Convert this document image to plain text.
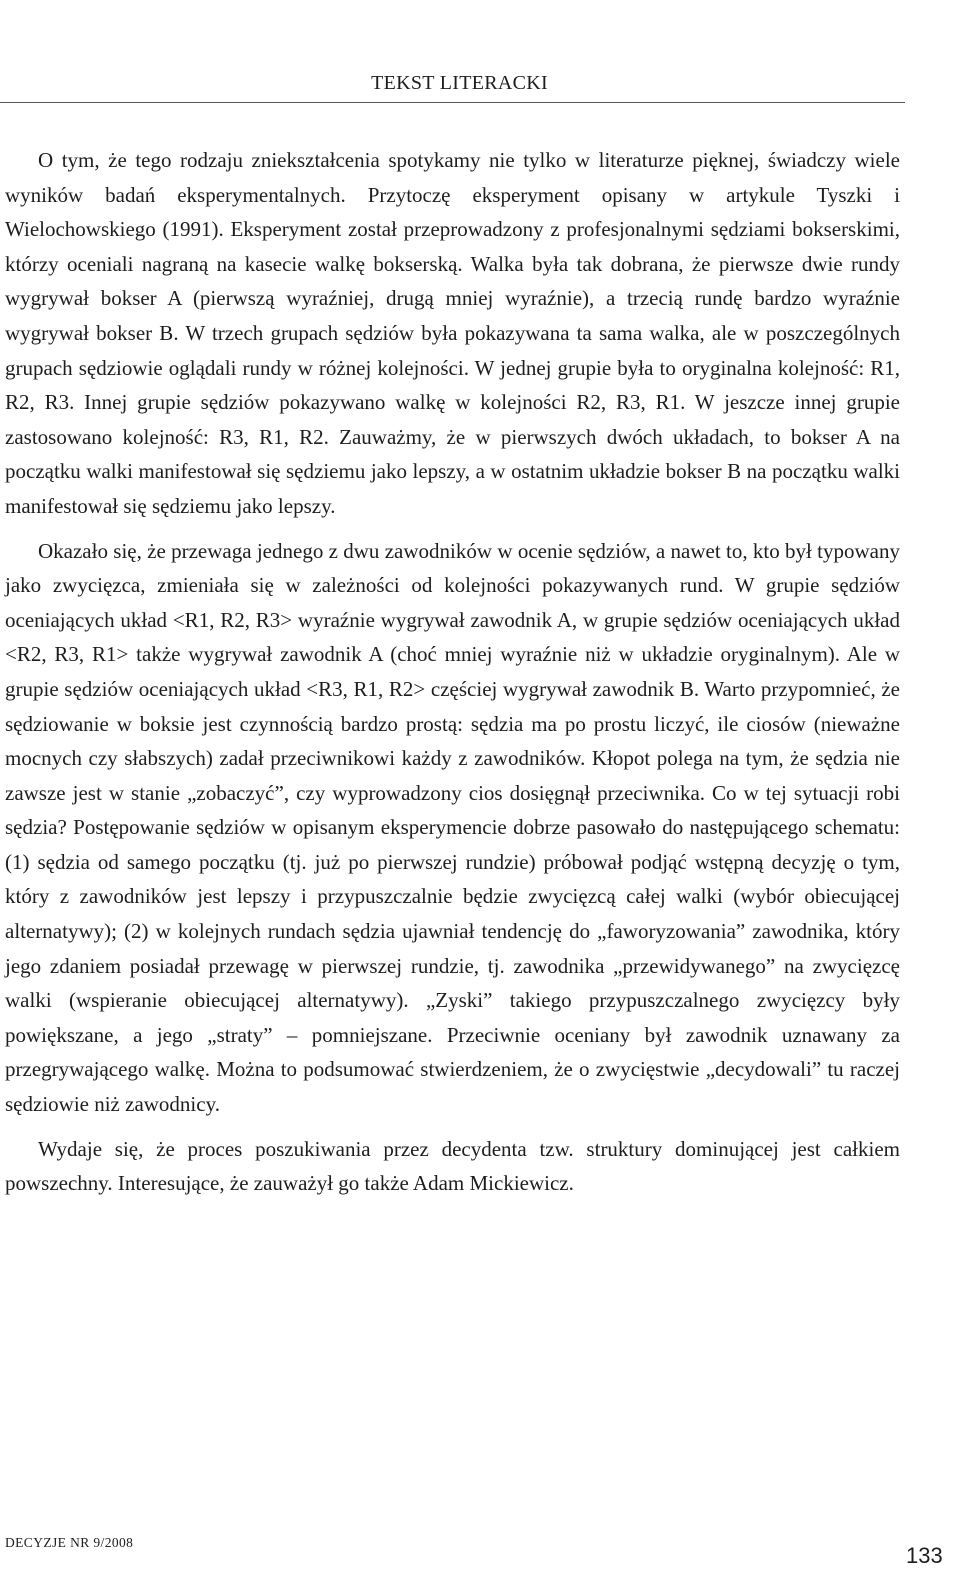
TEKST LITERACKI

O tym, że tego rodzaju zniekształcenia spotykamy nie tylko w literaturze pięknej, świadczy wiele wyników badań eksperymentalnych. Przytoczę eksperyment opisany w artykule Tyszki i Wielochowskiego (1991). Eksperyment został przeprowadzony z profesjonalnymi sędziami bokserskimi, którzy oceniali nagraną na kasecie walkę bokserską. Walka była tak dobrana, że pierwsze dwie rundy wygrywał bokser A (pierwszą wyraźniej, drugą mniej wyraźnie), a trzecią rundę bardzo wyraźnie wygrywał bokser B. W trzech grupach sędziów była pokazywana ta sama walka, ale w poszczególnych grupach sędziowie oglądali rundy w różnej kolejności. W jednej grupie była to oryginalna kolejność: R1, R2, R3. Innej grupie sędziów pokazywano walkę w kolejności R2, R3, R1. W jeszcze innej grupie zastosowano kolejność: R3, R1, R2. Zauważmy, że w pierwszych dwóch układach, to bokser A na początku walki manifestował się sędziemu jako lepszy, a w ostatnim układzie bokser B na początku walki manifestował się sędziemu jako lepszy.

Okazało się, że przewaga jednego z dwu zawodników w ocenie sędziów, a nawet to, kto był typowany jako zwycięzca, zmieniała się w zależności od kolejności pokazywanych rund. W grupie sędziów oceniających układ <R1, R2, R3> wyraźnie wygrywał zawodnik A, w grupie sędziów oceniających układ <R2, R3, R1> także wygrywał zawodnik A (choć mniej wyraźnie niż w układzie oryginalnym). Ale w grupie sędziów oceniających układ <R3, R1, R2> częściej wygrywał zawodnik B. Warto przypomnieć, że sędziowanie w boksie jest czynnością bardzo prostą: sędzia ma po prostu liczyć, ile ciosów (nieważne mocnych czy słabszych) zadał przeciwnikowi każdy z zawodników. Kłopot polega na tym, że sędzia nie zawsze jest w stanie „zobaczyć”, czy wyprowadzony cios dosięgnął przeciwnika. Co w tej sytuacji robi sędzia? Postępowanie sędziów w opisanym eksperymencie dobrze pasowało do następującego schematu: (1) sędzia od samego początku (tj. już po pierwszej rundzie) próbował podjąć wstępną decyzję o tym, który z zawodników jest lepszy i przypuszczalnie będzie zwycięzcą całej walki (wybór obiecującej alternatywy); (2) w kolejnych rundach sędzia ujawniał tendencję do „faworyzowania” zawodnika, który jego zdaniem posiadał przewagę w pierwszej rundzie, tj. zawodnika „przewidywanego” na zwycięzcę walki (wspieranie obiecującej alternatywy). „Zyski” takiego przypuszczalnego zwycięzcy były powiększane, a jego „straty” – pomniejszane. Przeciwnie oceniany był zawodnik uznawany za przegrywającego walkę. Można to podsumować stwierdzeniem, że o zwycięstwie „decydowali” tu raczej sędziowie niż zawodnicy.

Wydaje się, że proces poszukiwania przez decydenta tzw. struktury dominującej jest całkiem powszechny. Interesujące, że zauważył go także Adam Mickiewicz.

DECYZJE NR 9/2008
133
